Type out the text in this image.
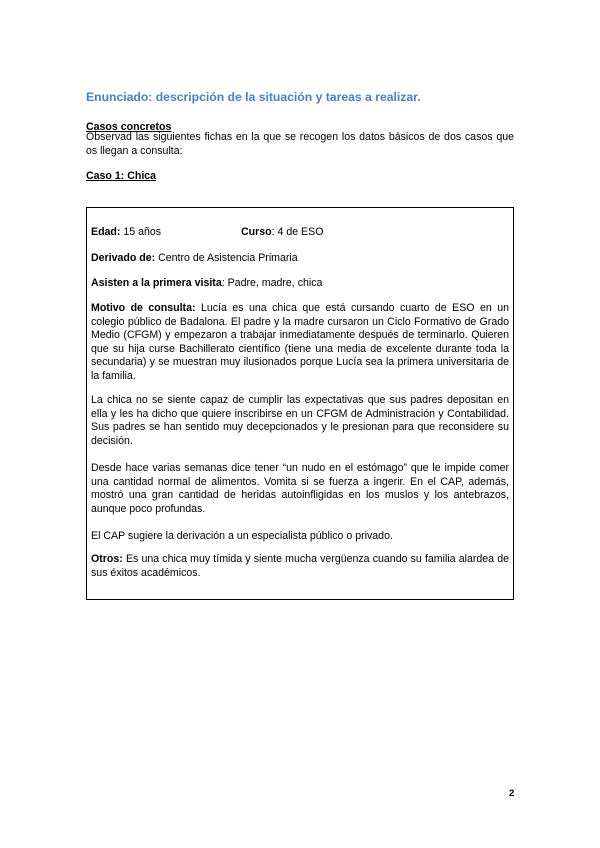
Enunciado: descripción de la situación y tareas a realizar.
Casos concretos
Observad las siguientes fichas en la que se recogen los datos básicos de dos casos que os llegan a consulta:
Caso 1: Chica
Edad: 15 años	Curso: 4 de ESO
Derivado de: Centro de Asistencia Primaria
Asisten a la primera visita: Padre, madre, chica
Motivo de consulta: Lucía es una chica que está cursando cuarto de ESO en un colegio público de Badalona. El padre y la madre cursaron un Ciclo Formativo de Grado Medio (CFGM) y empezaron a trabajar inmediatamente después de terminarlo. Quieren que su hija curse Bachillerato científico (tiene una media de excelente durante toda la secundaria) y se muestran muy ilusionados porque Lucía sea la primera universitaria de la familia.
La chica no se siente capaz de cumplir las expectativas que sus padres depositan en ella y les ha dicho que quiere inscribirse en un CFGM de Administración y Contabilidad. Sus padres se han sentido muy decepcionados y le presionan para que reconsidere su decisión.
Desde hace varias semanas dice tener “un nudo en el estómago” que le impide comer una cantidad normal de alimentos. Vomita si se fuerza a ingerir. En el CAP, además, mostró una gran cantidad de heridas autoinfligidas en los muslos y los antebrazos, aunque poco profundas.
El CAP sugiere la derivación a un especialista público o privado.
Otros: Es una chica muy tímida y siente mucha vergüenza cuando su familia alardea de sus éxitos académicos.
2
